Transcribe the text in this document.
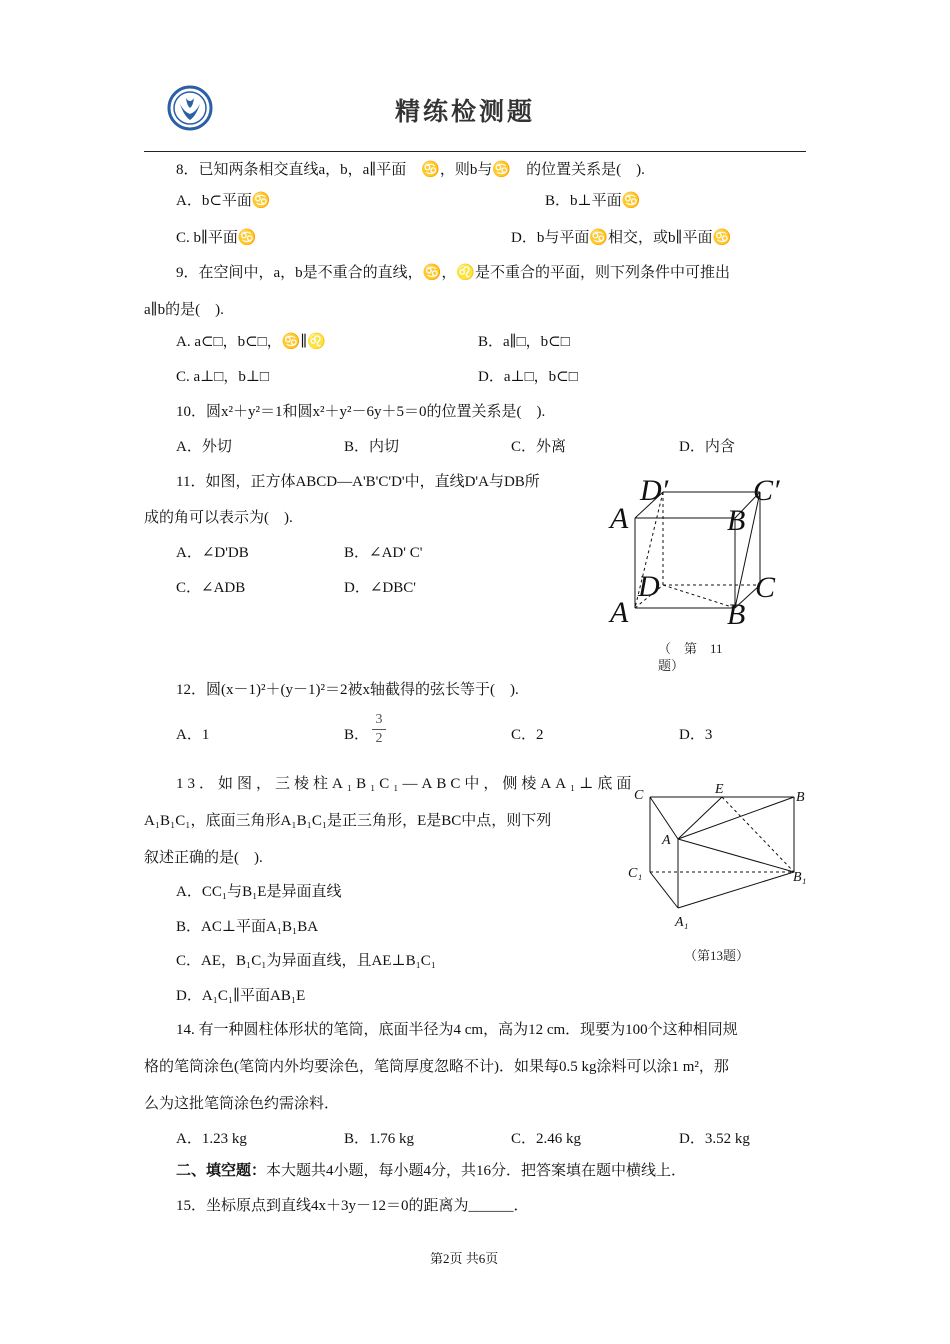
精练检测题
8．已知两条相交直线a，b，a∥平面　♋，则b与♋　的位置关系是(　).
A．b⊂平面♋	B．b⊥平面♋
C. b∥平面♋	D．b与平面♋相交，或b∥平面♋
9．在空间中，a，b是不重合的直线，♋，♌是不重合的平面，则下列条件中可推出
a∥b的是(　).
A. a⊂□，b⊂□，♋∥♌	B．a∥□，b⊂□
C. a⊥□，b⊥□	D．a⊥□，b⊂□
10．圆x²＋y²＝1和圆x²＋y²－6y＋5＝0的位置关系是(　).
A．外切	B．内切	C．外离	D．内含
11．如图，正方体ABCD—A'B'C'D'中，直线D'A与DB所
成的角可以表示为(　).
A．∠D'DB	B．∠AD' C'
C．∠ADB	D．∠DBC'
D′	C′
A	B
D	C
A	B
（　第　11
题）
12．圆(x－1)²＋(y－1)²＝2被x轴截得的弦长等于(　).
A．1	B．
3
2	C．2	D．3
13．如图，三棱柱A₁B₁C₁—ABC中，侧棱AA₁⊥底面
A₁B₁C₁，底面三角形A₁B₁C₁是正三角形，E是BC中点，则下列
叙述正确的是(　).
A．CC₁与B₁E是异面直线
B．AC⊥平面A₁B₁BA
C．AE，B₁C₁为异面直线，且AE⊥B₁C₁
D．A₁C₁∥平面AB₁E
C	E
B
A
C₁	B₁
A₁
（第13题）
14. 有一种圆柱体形状的笔筒，底面半径为4 cm，高为12 cm．现要为100个这种相同规
格的笔筒涂色(笔筒内外均要涂色，笔筒厚度忽略不计)．如果每0.5 kg涂料可以涂1 m²，那
么为这批笔筒涂色约需涂料．
A．1.23 kg	B．1.76 kg	C．2.46 kg	D．3.52 kg
二、填空题：本大题共4小题，每小题4分，共16分．把答案填在题中横线上．
15．坐标原点到直线4x＋3y－12＝0的距离为______．
第2页 共6页
